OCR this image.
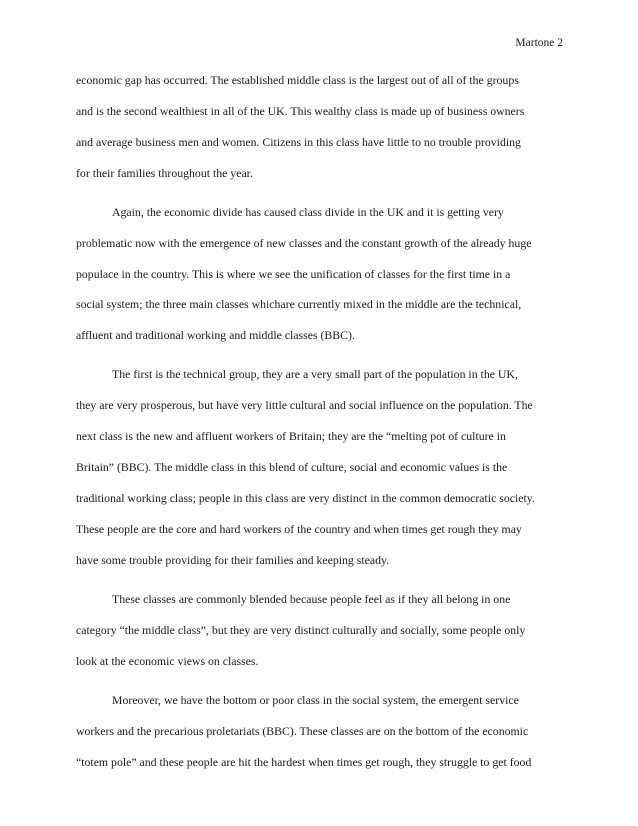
Martone 2
economic gap has occurred. The established middle class is the largest out of all of the groups
and is the second wealthiest in all of the UK. This wealthy class is made up of business owners
and average business men and women. Citizens in this class have little to no trouble providing
for their families throughout the year.
Again, the economic divide has caused class divide in the UK and it is getting very
problematic now with the emergence of new classes and the constant growth of the already huge
populace in the country. This is where we see the unification of classes for the first time in a
social system; the three main classes whichare currently mixed in the middle are the technical,
affluent and traditional working and middle classes (BBC).
The first is the technical group, they are a very small part of the population in the UK,
they are very prosperous, but have very little cultural and social influence on the population. The
next class is the new and affluent workers of Britain; they are the “melting pot of culture in
Britain” (BBC). The middle class in this blend of culture, social and economic values is the
traditional working class; people in this class are very distinct in the common democratic society.
These people are the core and hard workers of the country and when times get rough they may
have some trouble providing for their families and keeping steady.
These classes are commonly blended because people feel as if they all belong in one
category “the middle class”, but they are very distinct culturally and socially, some people only
look at the economic views on classes.
Moreover, we have the bottom or poor class in the social system, the emergent service
workers and the precarious proletariats (BBC). These classes are on the bottom of the economic
“totem pole” and these people are hit the hardest when times get rough, they struggle to get food
